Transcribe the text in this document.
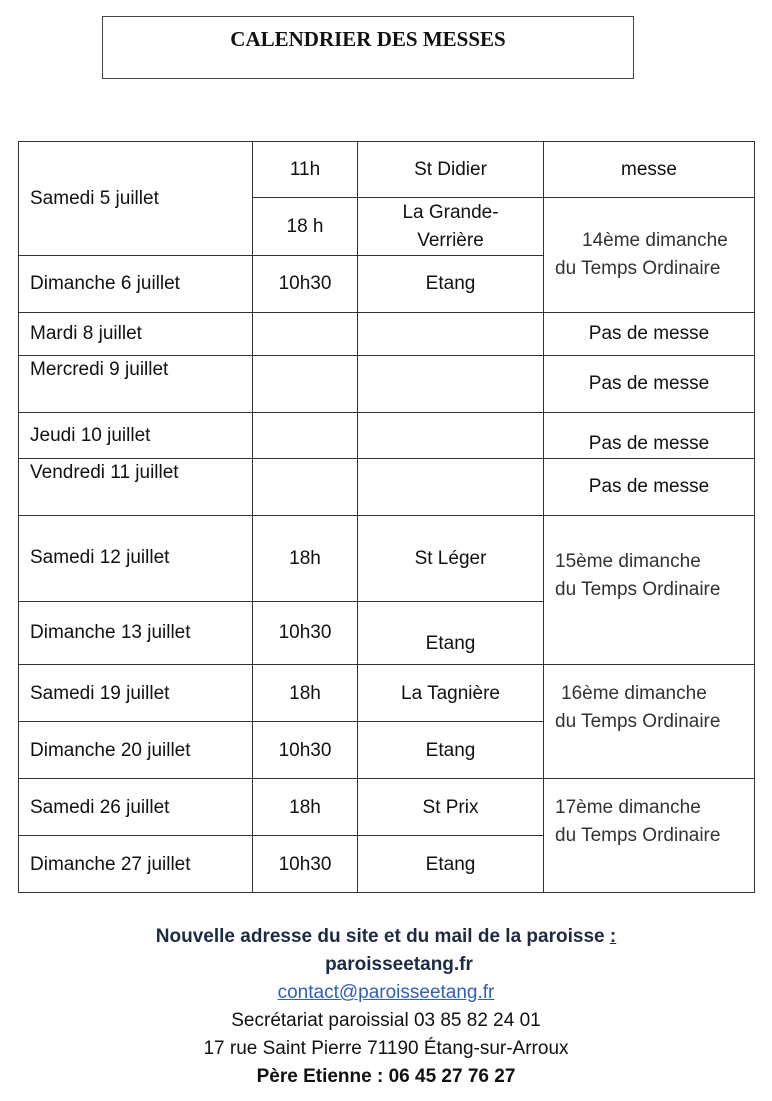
CALENDRIER DES MESSES
Samedi 5 juillet
Dimanche 6 juillet
Mardi 8 juillet
Mercredi 9 juillet
Jeudi 10 juillet
Vendredi 11 juillet
Samedi 12 juillet
Dimanche 13 juillet
Samedi 19 juillet
Dimanche 20 juillet
Samedi 26 juillet
Dimanche 27 juillet
11h
18 h
10h30
18h
10h30
18h
10h30
18h
10h30
St Didier
La Grande-
Verrière
Etang
St Léger
Etang
La Tagnière
Etang
St Prix
Etang
messe
Pas de messe
Pas de messe
Pas de messe
Pas de messe
14ème dimanche
du Temps Ordinaire
15ème dimanche
du Temps Ordinaire
16ème dimanche
du Temps Ordinaire
17ème dimanche
du Temps Ordinaire
Nouvelle adresse du site et du mail de la paroisse :
paroisseetang.fr
contact@paroisseetang.fr
Secrétariat paroissial 03 85 82 24 01
17 rue Saint Pierre 71190 Étang-sur-Arroux
Père Etienne : 06 45 27 76 27
